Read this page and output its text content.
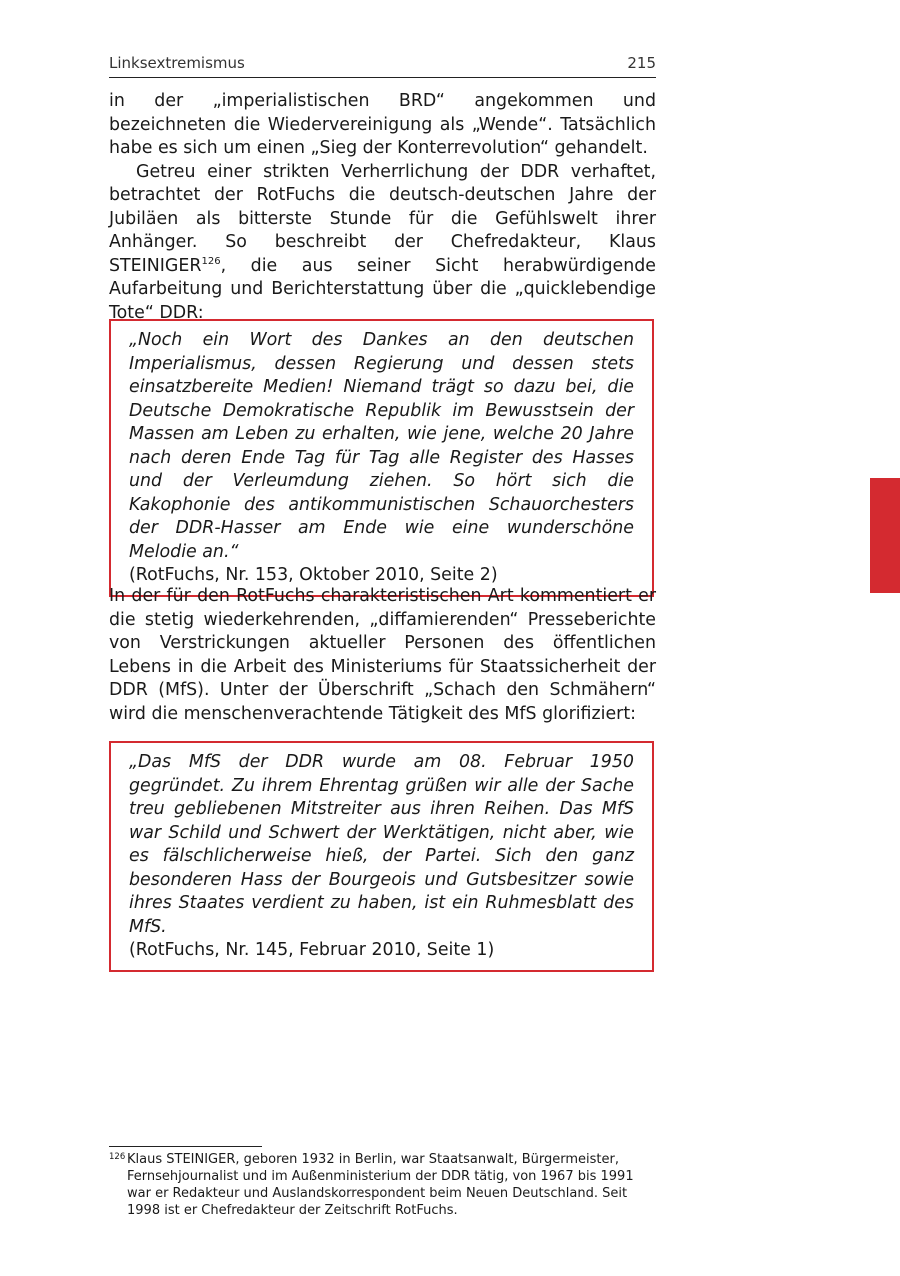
Linksextremismus	215

in der „imperialistischen BRD“ angekommen und bezeichneten die Wiedervereinigung als „Wende“. Tatsächlich habe es sich um einen „Sieg der Konterrevolution“ gehandelt.

Getreu einer strikten Verherrlichung der DDR verhaftet, betrachtet der RotFuchs die deutsch-deutschen Jahre der Jubiläen als bitterste Stunde für die Gefühlswelt ihrer Anhänger. So beschreibt der Chefredakteur, Klaus STEINIGER$^{126}$, die aus seiner Sicht herabwürdigende Aufarbeitung und Berichterstattung über die „quicklebendige Tote“ DDR:

„Noch ein Wort des Dankes an den deutschen Imperialismus, dessen Regierung und dessen stets einsatzbereite Medien! Niemand trägt so dazu bei, die Deutsche Demokratische Republik im Bewusstsein der Massen am Leben zu erhalten, wie jene, welche 20 Jahre nach deren Ende Tag für Tag alle Register des Hasses und der Verleumdung ziehen. So hört sich die Kakophonie des antikommunistischen Schauorchesters der DDR-Hasser am Ende wie eine wunderschöne Melodie an.“

(RotFuchs, Nr. 153, Oktober 2010, Seite 2)

In der für den RotFuchs charakteristischen Art kommentiert er die stetig wiederkehrenden, „diffamierenden“ Presseberichte von Verstrickungen aktueller Personen des öffentlichen Lebens in die Arbeit des Ministeriums für Staatssicherheit der DDR (MfS). Unter der Überschrift „Schach den Schmähern“ wird die menschenverachtende Tätigkeit des MfS glorifiziert:

„Das MfS der DDR wurde am 08. Februar 1950 gegründet. Zu ihrem Ehrentag grüßen wir alle der Sache treu gebliebenen Mitstreiter aus ihren Reihen. Das MfS war Schild und Schwert der Werktätigen, nicht aber, wie es fälschlicherweise hieß, der Partei. Sich den ganz besonderen Hass der Bourgeois und Gutsbesitzer sowie ihres Staates verdient zu haben, ist ein Ruhmesblatt des MfS.

(RotFuchs, Nr. 145, Februar 2010, Seite 1)

126 Klaus STEINIGER, geboren 1932 in Berlin, war Staatsanwalt, Bürgermeister, Fernsehjournalist und im Außenministerium der DDR tätig, von 1967 bis 1991 war er Redakteur und Auslandskorrespondent beim Neuen Deutschland. Seit 1998 ist er Chefredakteur der Zeitschrift RotFuchs.
